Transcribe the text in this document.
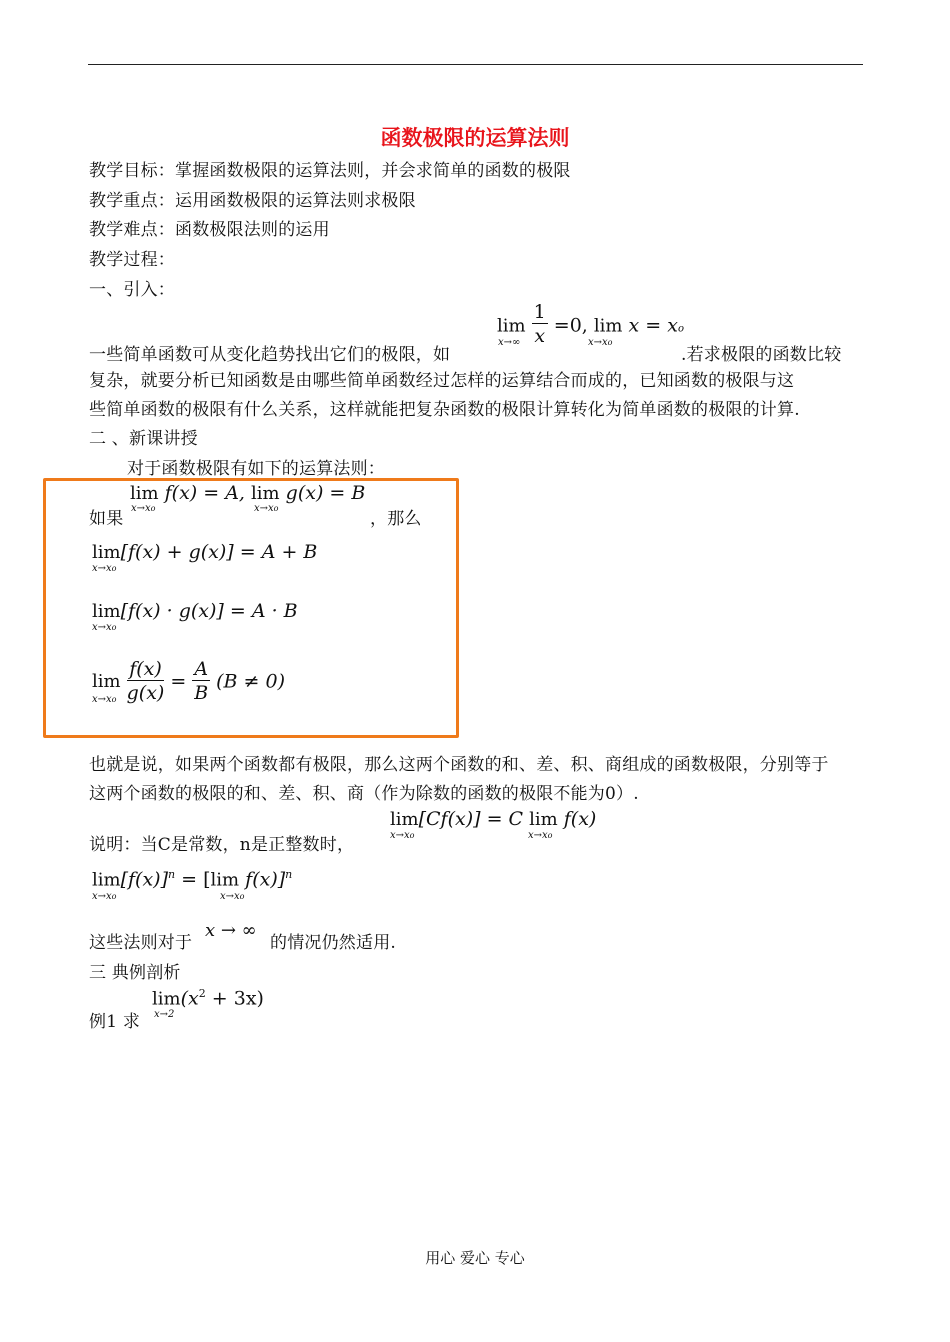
函数极限的运算法则
教学目标：掌握函数极限的运算法则，并会求简单的函数的极限
教学重点：运用函数极限的运算法则求极限
教学难点：函数极限法则的运用
教学过程：
一、引入：
$\lim \frac{1}{x} =0$, lim x = xo
x→∞	x→xo
一些简单函数可从变化趋势找出它们的极限，如	.若求极限的函数比较
复杂，就要分析已知函数是由哪些简单函数经过怎样的运算结合而成的，已知函数的极限与这
些简单函数的极限有什么关系，这样就能把复杂函数的极限计算转化为简单函数的极限的计算.
二 、新课讲授
对于函数极限有如下的运算法则：
lim f(x) = A, lim g(x) = B
x→xo	x→xo
如果	，那么
lim[f(x) + g(x)] = A + B
x→xo
lim[f(x) · g(x)] = A · B
x→xo
$\lim \frac{f(x)}{g(x)} = \frac{A}{B} (B \ne 0)$
x→xo
也就是说，如果两个函数都有极限，那么这两个函数的和、差、积、商组成的函数极限，分别等于
这两个函数的极限的和、差、积、商（作为除数的函数的极限不能为0）.
lim[Cf(x)] = C lim f(x)
x→xo	x→xo
说明：当C是常数，n是正整数时，
$\lim[f(x)]^n = [\lim$ f(x)]$^n$
x→xo	x→xo
这些法则对于
x → ∞
的情况仍然适用.
三 典例剖析
$\lim(x^2 + 3x)$
x→2
例1 求
用心 爱心 专心
